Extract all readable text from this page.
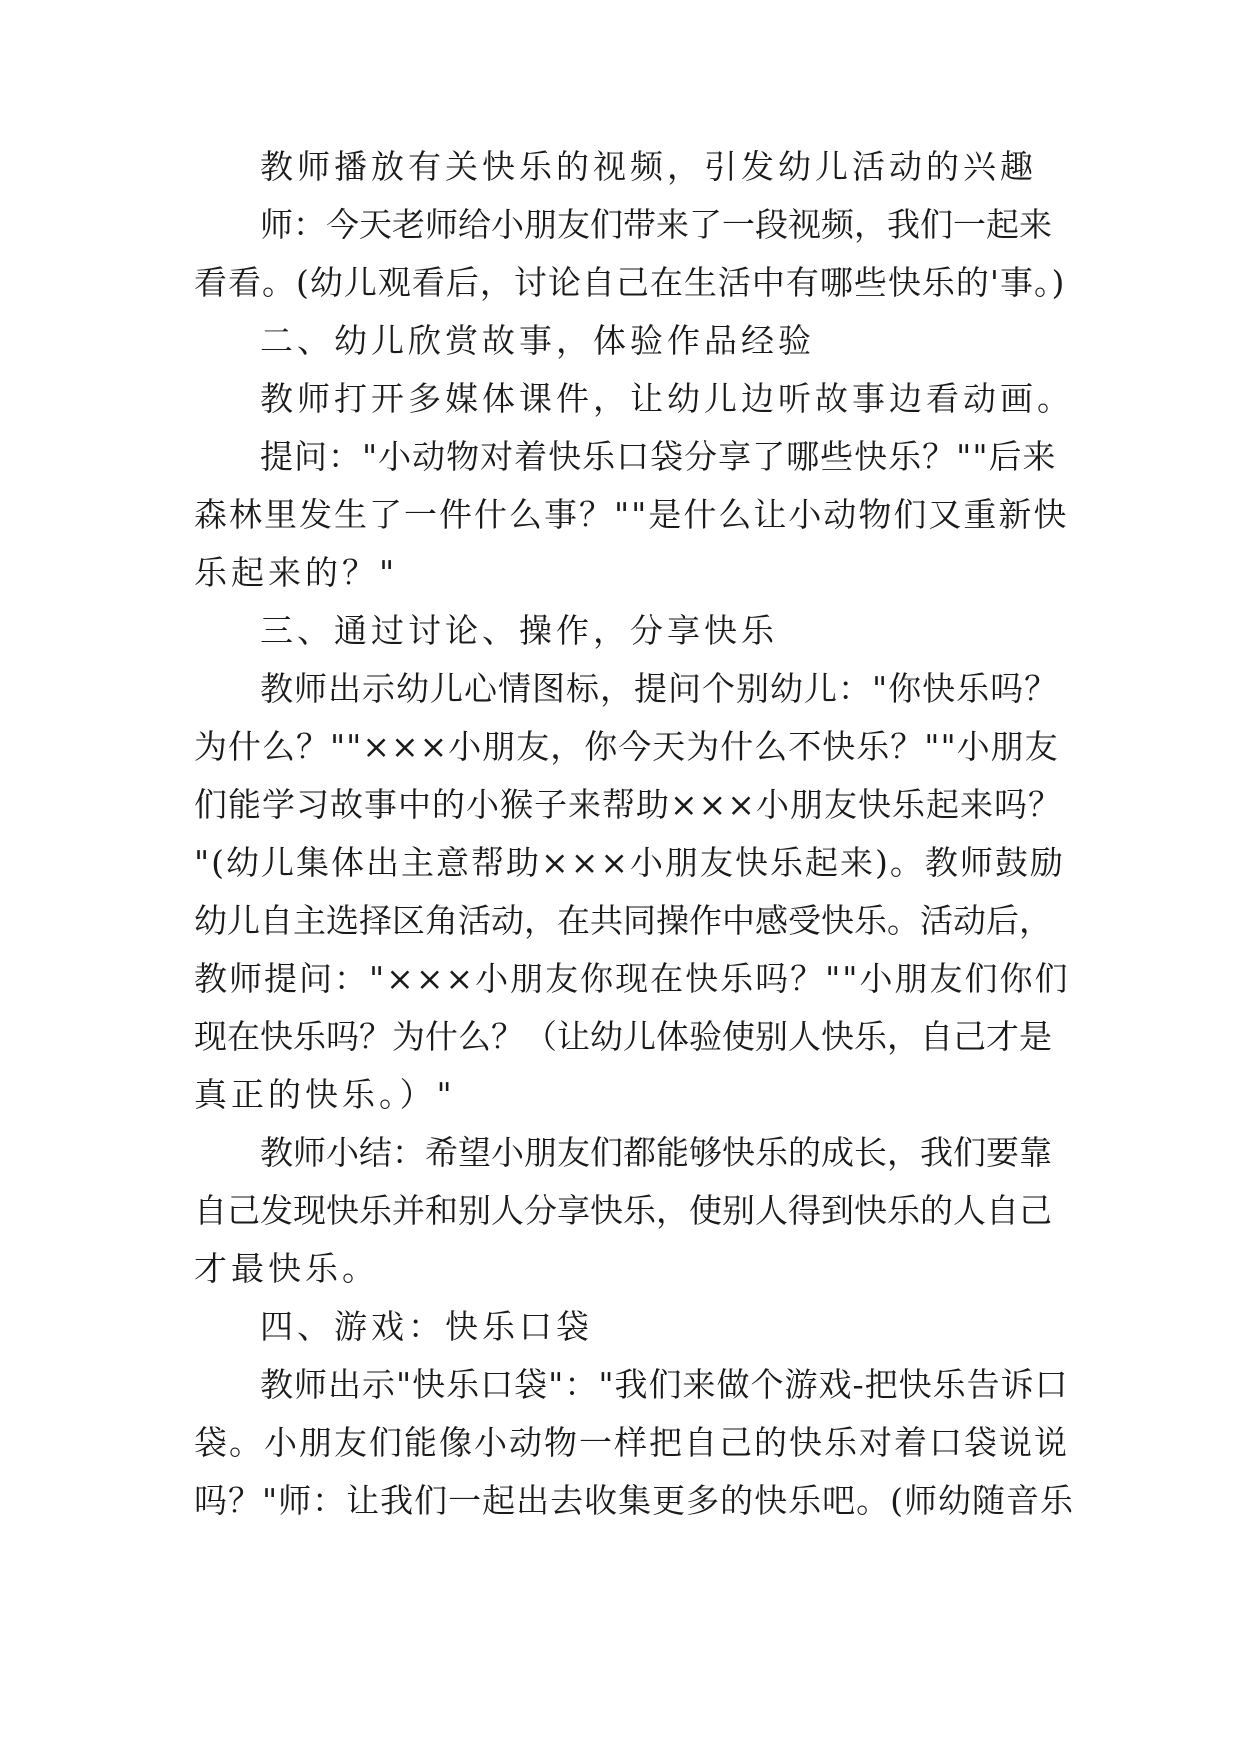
教师播放有关快乐的视频，引发幼儿活动的兴趣
师：今天老师给小朋友们带来了一段视频，我们一起来
看看。(幼儿观看后，讨论自己在生活中有哪些快乐的'事。)
二、幼儿欣赏故事，体验作品经验
教师打开多媒体课件，让幼儿边听故事边看动画。
提问："小动物对着快乐口袋分享了哪些快乐？""后来
森林里发生了一件什么事？""是什么让小动物们又重新快
乐起来的？"
三、通过讨论、操作，分享快乐
教师出示幼儿心情图标，提问个别幼儿："你快乐吗？
为什么？""×××小朋友，你今天为什么不快乐？""小朋友
们能学习故事中的小猴子来帮助×××小朋友快乐起来吗？
"(幼儿集体出主意帮助×××小朋友快乐起来)。教师鼓励
幼儿自主选择区角活动，在共同操作中感受快乐。活动后，
教师提问："×××小朋友你现在快乐吗？""小朋友们你们
现在快乐吗？为什么？（让幼儿体验使别人快乐，自己才是
真正的快乐。）"
教师小结：希望小朋友们都能够快乐的成长，我们要靠
自己发现快乐并和别人分享快乐，使别人得到快乐的人自己
才最快乐。
四、游戏：快乐口袋
教师出示"快乐口袋"："我们来做个游戏-把快乐告诉口
袋。小朋友们能像小动物一样把自己的快乐对着口袋说说
吗？"师：让我们一起出去收集更多的快乐吧。(师幼随音乐
